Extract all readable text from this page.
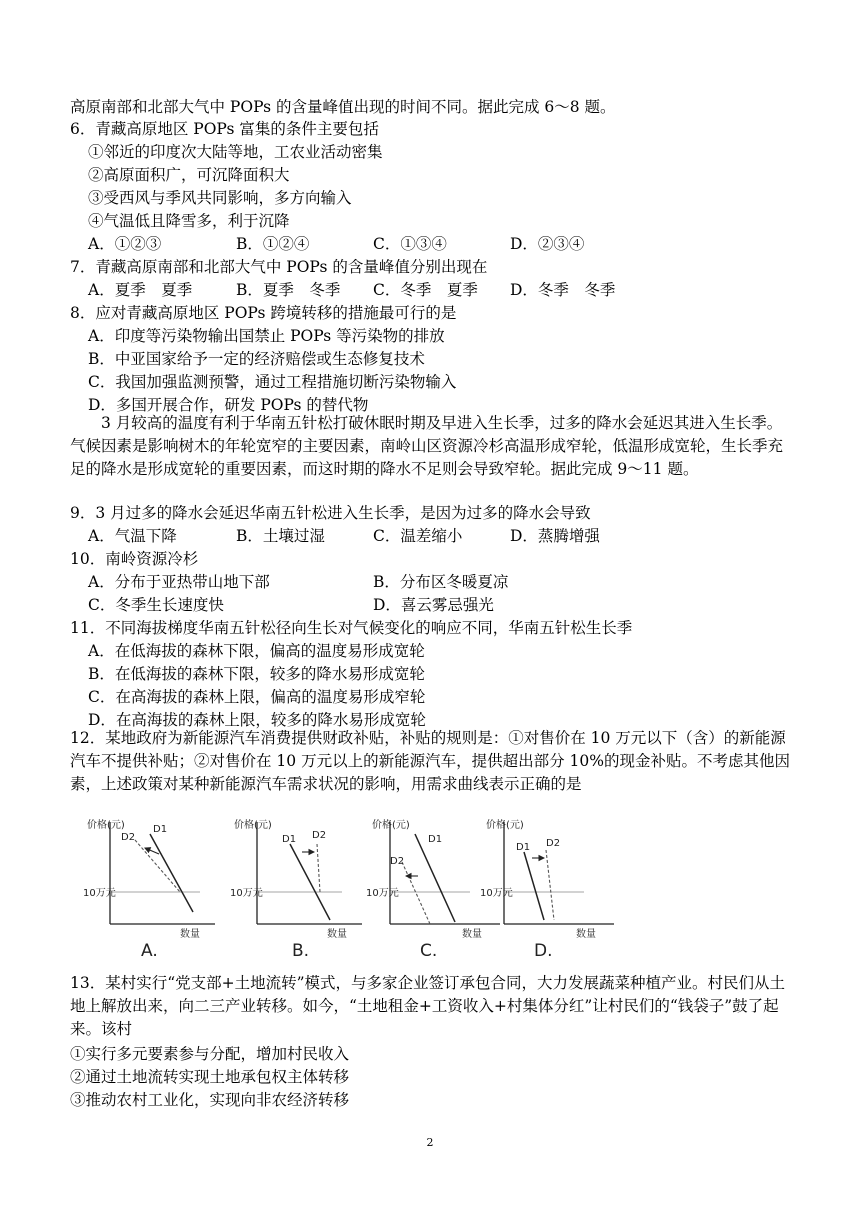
高原南部和北部大气中 POPs 的含量峰值出现的时间不同。据此完成 6～8 题。
6．青藏高原地区 POPs 富集的条件主要包括
①邻近的印度次大陆等地，工农业活动密集
②高原面积广，可沉降面积大
③受西风与季风共同影响，多方向输入
④气温低且降雪多，利于沉降
A．①②③	B．①②④	C．①③④	D．②③④
7．青藏高原南部和北部大气中 POPs 的含量峰值分别出现在
A．夏季　夏季	B．夏季　冬季 C．冬季　夏季 D．冬季　冬季
8．应对青藏高原地区 POPs 跨境转移的措施最可行的是
A．印度等污染物输出国禁止 POPs 等污染物的排放
B．中亚国家给予一定的经济赔偿或生态修复技术
C．我国加强监测预警，通过工程措施切断污染物输入
D．多国开展合作，研发 POPs 的替代物
3 月较高的温度有利于华南五针松打破休眠时期及早进入生长季，过多的降水会延迟其进入生长季。气候因素是影响树木的年轮宽窄的主要因素，南岭山区资源冷杉高温形成窄轮，低温形成宽轮，生长季充足的降水是形成宽轮的重要因素，而这时期的降水不足则会导致窄轮。据此完成 9～11 题。
9．3 月过多的降水会延迟华南五针松进入生长季，是因为过多的降水会导致
A．气温下降	B．土壤过湿	C．温差缩小	D．蒸腾增强
10．南岭资源冷杉
A．分布于亚热带山地下部	B．分布区冬暖夏凉
C．冬季生长速度快	D．喜云雾忌强光
11．不同海拔梯度华南五针松径向生长对气候变化的响应不同，华南五针松生长季
A．在低海拔的森林下限，偏高的温度易形成宽轮
B．在低海拔的森林下限，较多的降水易形成宽轮
C．在高海拔的森林上限，偏高的温度易形成窄轮
D．在高海拔的森林上限，较多的降水易形成宽轮
12．某地政府为新能源汽车消费提供财政补贴，补贴的规则是：①对售价在 10 万元以下（含）的新能源汽车不提供补贴；②对售价在 10 万元以上的新能源汽车，提供超出部分 10%的现金补贴。不考虑其他因素，上述政策对某种新能源汽车需求状况的影响，用需求曲线表示正确的是
价格(元)
10万元
数量
D1
D2
A.
价格(元)
10万元
数量
D1 D2
B.
价格(元)
10万元
数量
D1
D2
C.
价格(元)
10万元
数量
D1 D2
D.
13．某村实行“党支部+土地流转”模式，与多家企业签订承包合同，大力发展蔬菜种植产业。村民们从土地上解放出来，向二三产业转移。如今，“土地租金+工资收入+村集体分红”让村民们的“钱袋子”鼓了起来。该村
①实行多元要素参与分配，增加村民收入
②通过土地流转实现土地承包权主体转移
③推动农村工业化，实现向非农经济转移
2
